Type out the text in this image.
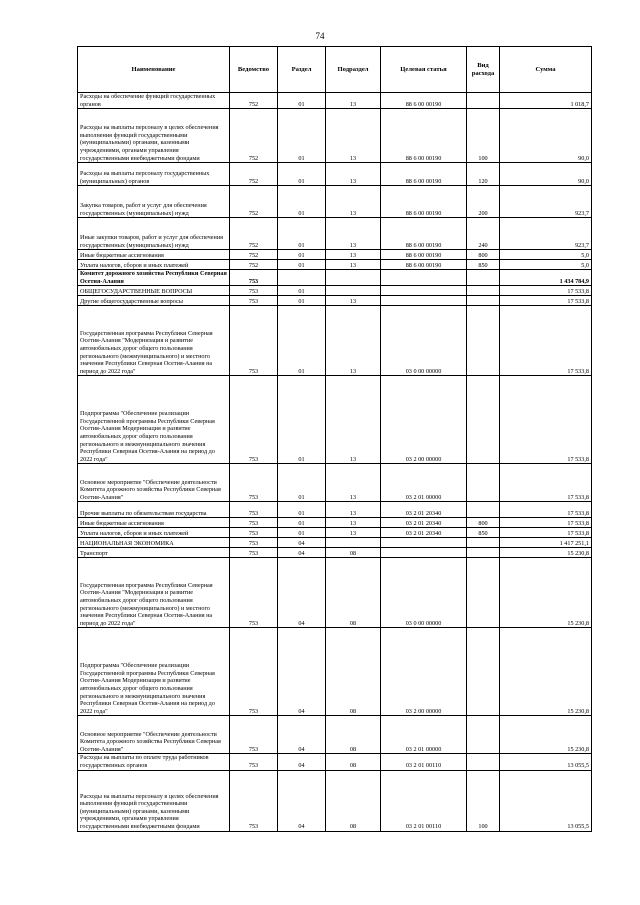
74
Наименование	Ведомство	Раздел	Подраздел	Целевая статья	Вид расхода	Сумма
Расходы на обеспечение функций государственных органов	752	01	13	88 6 00 00190		1 018,7
Расходы на выплаты персоналу в целях обеспечения выполнения функций государственными (муниципальными) органами, казенными учреждениями, органами управления государственными внебюджетными фондами	752	01	13	88 6 00 00190	100	90,0
Расходы на выплаты персоналу государственных (муниципальных) органов	752	01	13	88 6 00 00190	120	90,0
Закупка товаров, работ и услуг для обеспечения государственных (муниципальных) нужд	752	01	13	88 6 00 00190	200	923,7
Иные закупки товаров, работ и услуг для обеспечения государственных (муниципальных) нужд	752	01	13	88 6 00 00190	240	923,7
Иные бюджетные ассигнования	752	01	13	88 6 00 00190	800	5,0
Уплата налогов, сборов и иных платежей	752	01	13	88 6 00 00190	850	5,0
Комитет дорожного хозяйства Республики Северная Осетия-Алания	753					1 434 784,9
ОБЩЕГОСУДАРСТВЕННЫЕ ВОПРОСЫ	753	01				17 533,8
Другие общегосударственные вопросы	753	01	13			17 533,8
Государственная программа Республики Северная Осетия-Алания "Модернизация и развитие автомобильных дорог общего пользования регионального (межмуниципального) и местного значения Республики Северная Осетия-Алания на период до 2022 года"	753	01	13	03 0 00 00000		17 533,8
Подпрограмма "Обеспечение реализации Государственной программы Республики Северная Осетия-Алания Модернизация и развитие автомобильных дорог общего пользования регионального и межмуниципального значения Республики Северная Осетия-Алания на период до 2022 года"	753	01	13	03 2 00 00000		17 533,8
Основное мероприятие "Обеспечение деятельности Комитета дорожного хозяйства Республики Северная Осетия-Алания"	753	01	13	03 2 01 00000		17 533,8
Прочие выплаты по обязательствам государства	753	01	13	03 2 01 20340		17 533,8
Иные бюджетные ассигнования	753	01	13	03 2 01 20340	800	17 533,8
Уплата налогов, сборов и иных платежей	753	01	13	03 2 01 20340	850	17 533,8
НАЦИОНАЛЬНАЯ ЭКОНОМИКА	753	04				1 417 251,1
Транспорт	753	04	08			15 230,8
Государственная программа Республики Северная Осетия-Алания "Модернизация и развитие автомобильных дорог общего пользования регионального (межмуниципального) и местного значения Республики Северная Осетия-Алания на период до 2022 года"	753	04	08	03 0 00 00000		15 230,8
Подпрограмма "Обеспечение реализации Государственной программы Республики Северная Осетия-Алания Модернизация и развитие автомобильных дорог общего пользования регионального и межмуниципального значения Республики Северная Осетия-Алания на период до 2022 года"	753	04	08	03 2 00 00000		15 230,8
Основное мероприятие "Обеспечение деятельности Комитета дорожного хозяйства Республики Северная Осетия-Алания"	753	04	08	03 2 01 00000		15 230,8
Расходы на выплаты по оплате труда работников государственных органов	753	04	08	03 2 01 00110		13 055,5
Расходы на выплаты персоналу в целях обеспечения выполнения функций государственными (муниципальными) органами, казенными учреждениями, органами управления государственными внебюджетными фондами	753	04	08	03 2 01 00110	100	13 055,5
